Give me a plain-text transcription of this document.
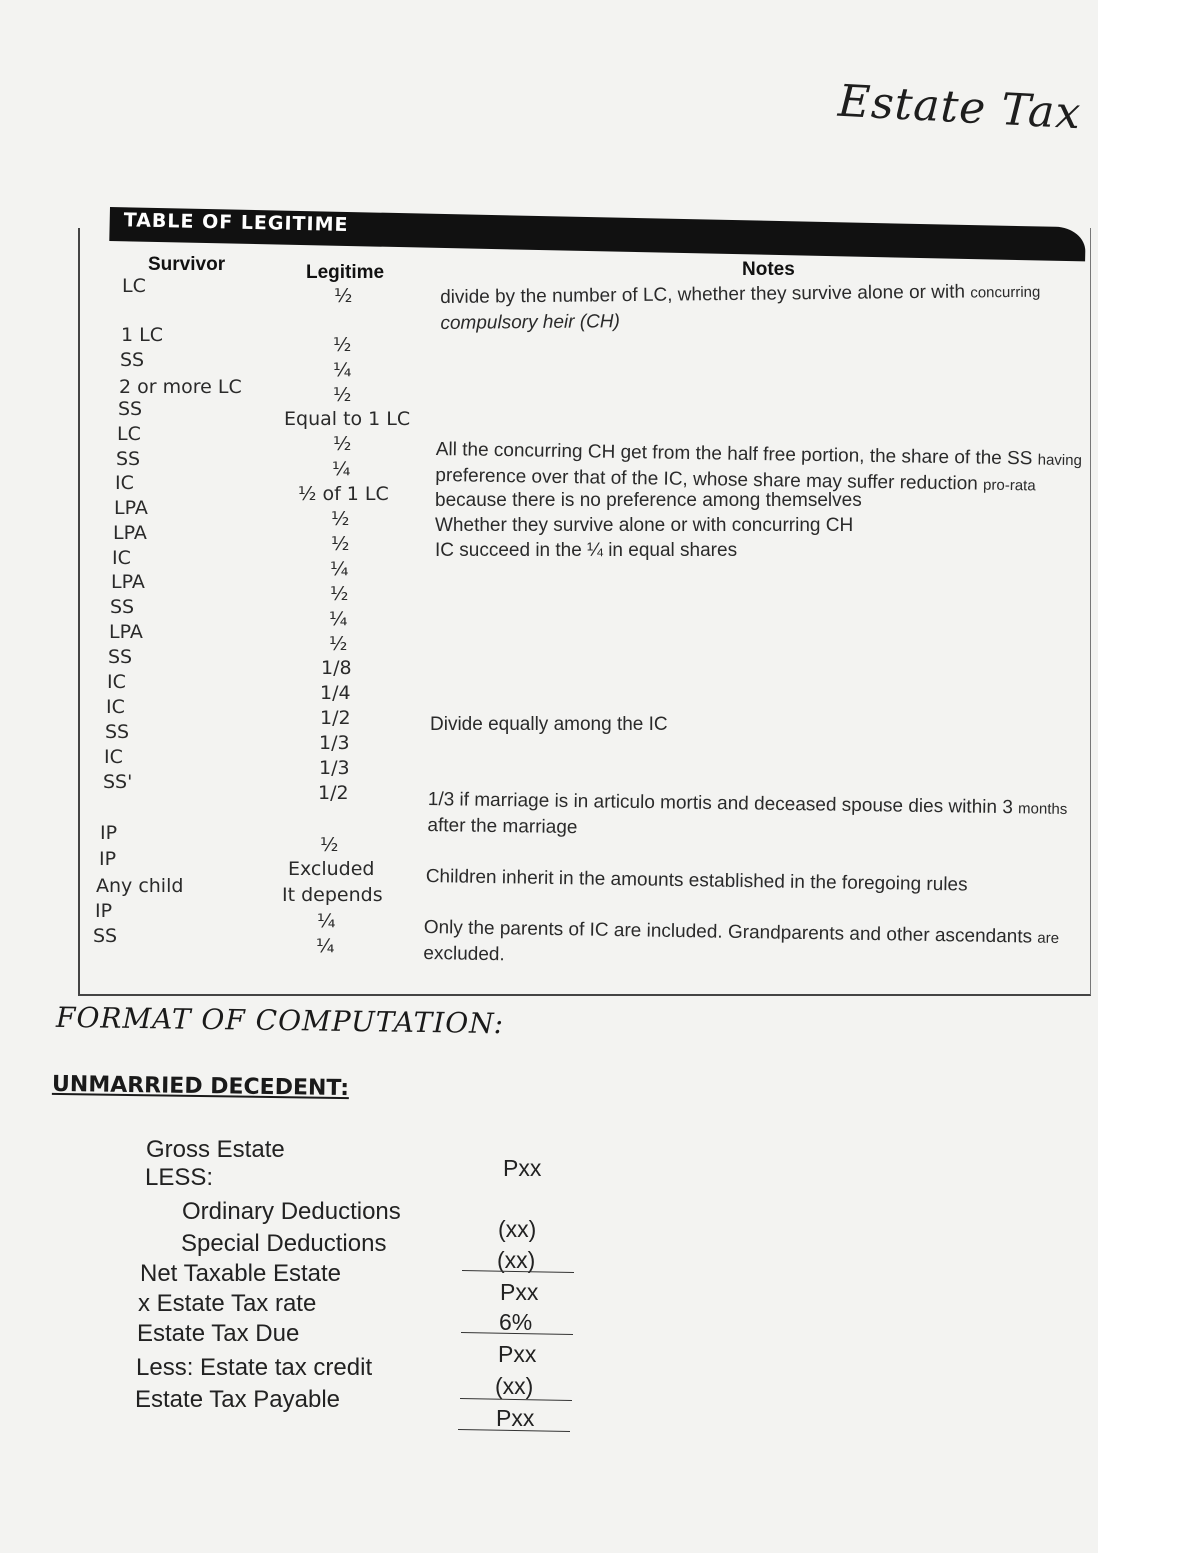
Estate Tax
TABLE OF LEGITIME
Survivor	Legitime	Notes
LC
1 LC
SS
2 or more LC
SS
LC
SS
IC
LPA
LPA
IC
LPA
SS
LPA
SS
IC
IC
SS
IC
SS'
IP
IP
Any child
IP
SS
½
½
¼
½
Equal to 1 LC
½
¼
½ of 1 LC
½
½
¼
½
¼
½
1/8
1/4
1/2
1/3
1/3
1/2
½
Excluded
It depends
¼
¼
divide by the number of LC, whether they survive alone or with concurring
compulsory heir (CH)
All the concurring CH get from the half free portion, the share of the SS having
preference over that of the IC, whose share may suffer reduction pro-rata
because there is no preference among themselves
Whether they survive alone or with concurring CH
IC succeed in the ¼ in equal shares
Divide equally among the IC
1/3 if marriage is in articulo mortis and deceased spouse dies within 3 months
after the marriage
Children inherit in the amounts established in the foregoing rules
Only the parents of IC are included. Grandparents and other ascendants are
excluded.
FORMAT OF COMPUTATION:
UNMARRIED DECEDENT:
Gross Estate
LESS:
Ordinary Deductions
Special Deductions
Net Taxable Estate
x Estate Tax rate
Estate Tax Due
Less: Estate tax credit
Estate Tax Payable
Pxx
(xx)
(xx)
Pxx
6%
Pxx
(xx)
Pxx
